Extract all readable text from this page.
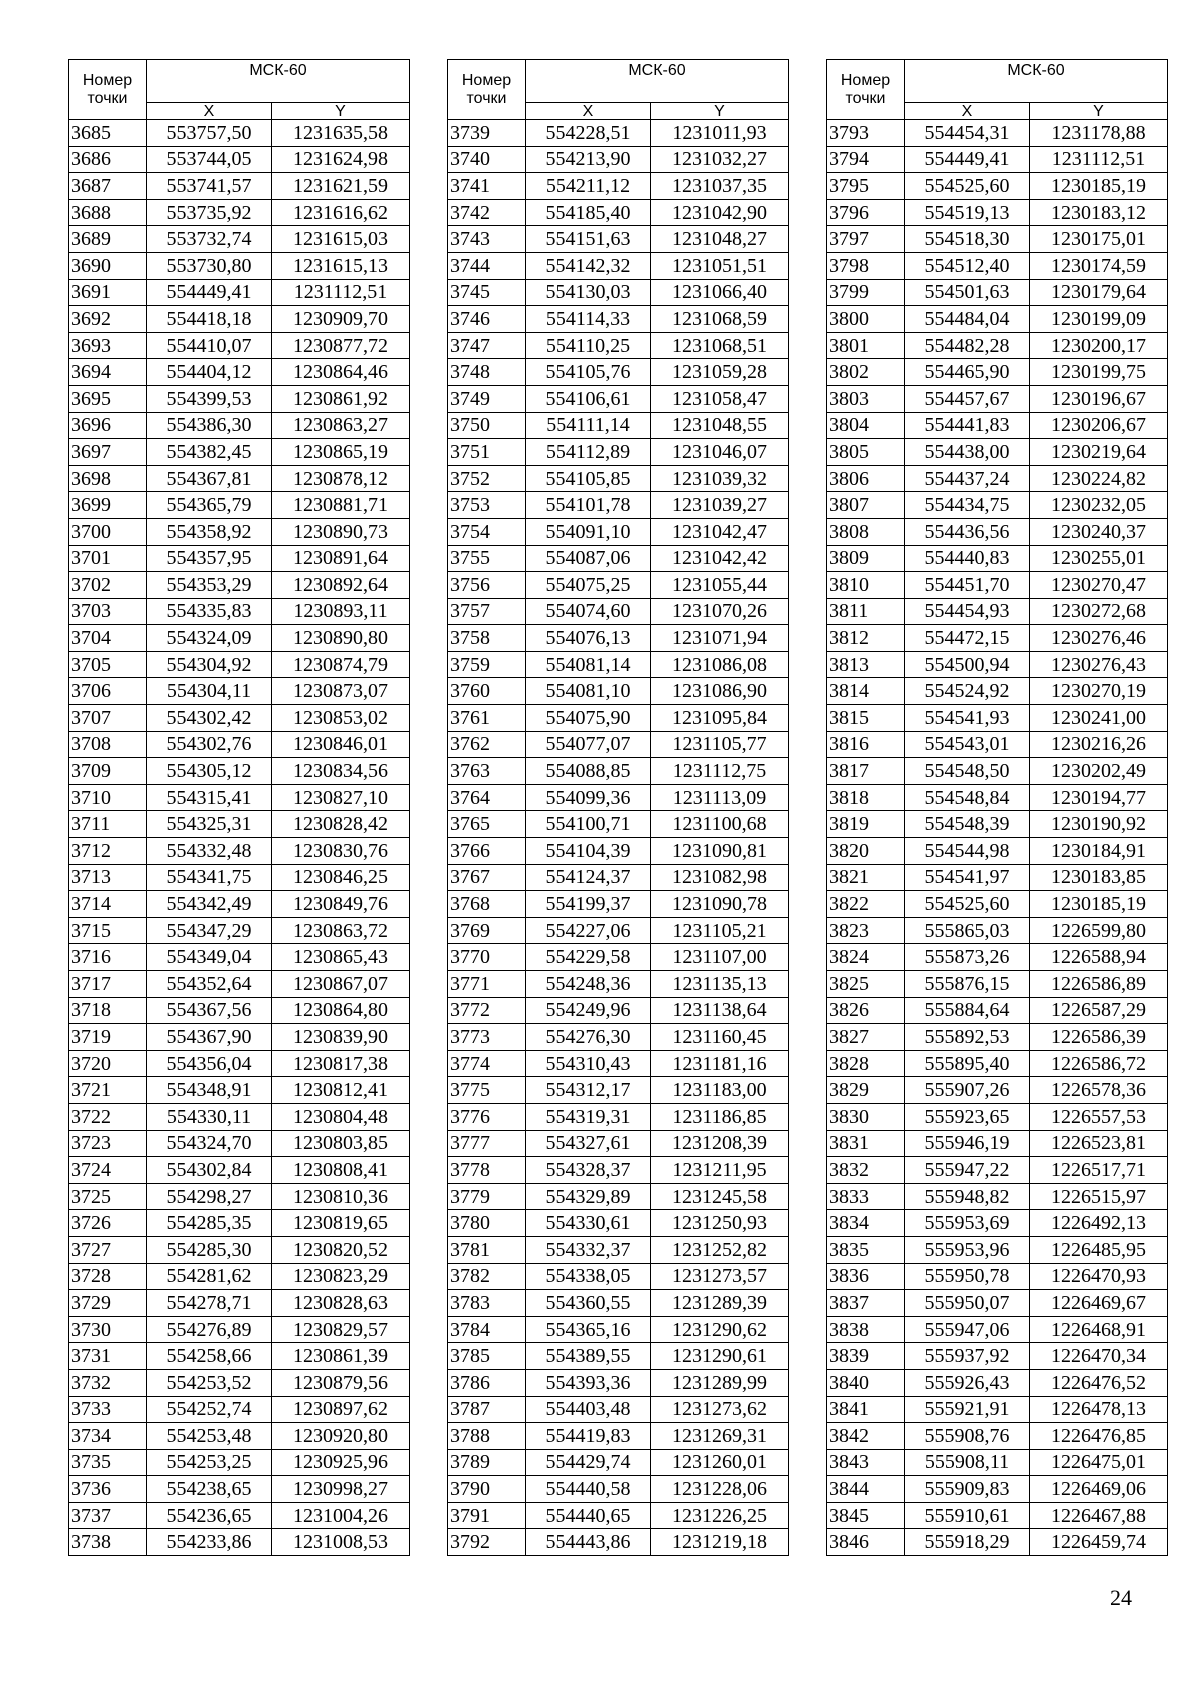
Номер
точки	МСК-60	
	X	Y
3685	553757,50	1231635,58
3686	553744,05	1231624,98
3687	553741,57	1231621,59
3688	553735,92	1231616,62
3689	553732,74	1231615,03
3690	553730,80	1231615,13
3691	554449,41	1231112,51
3692	554418,18	1230909,70
3693	554410,07	1230877,72
3694	554404,12	1230864,46
3695	554399,53	1230861,92
3696	554386,30	1230863,27
3697	554382,45	1230865,19
3698	554367,81	1230878,12
3699	554365,79	1230881,71
3700	554358,92	1230890,73
3701	554357,95	1230891,64
3702	554353,29	1230892,64
3703	554335,83	1230893,11
3704	554324,09	1230890,80
3705	554304,92	1230874,79
3706	554304,11	1230873,07
3707	554302,42	1230853,02
3708	554302,76	1230846,01
3709	554305,12	1230834,56
3710	554315,41	1230827,10
3711	554325,31	1230828,42
3712	554332,48	1230830,76
3713	554341,75	1230846,25
3714	554342,49	1230849,76
3715	554347,29	1230863,72
3716	554349,04	1230865,43
3717	554352,64	1230867,07
3718	554367,56	1230864,80
3719	554367,90	1230839,90
3720	554356,04	1230817,38
3721	554348,91	1230812,41
3722	554330,11	1230804,48
3723	554324,70	1230803,85
3724	554302,84	1230808,41
3725	554298,27	1230810,36
3726	554285,35	1230819,65
3727	554285,30	1230820,52
3728	554281,62	1230823,29
3729	554278,71	1230828,63
3730	554276,89	1230829,57
3731	554258,66	1230861,39
3732	554253,52	1230879,56
3733	554252,74	1230897,62
3734	554253,48	1230920,80
3735	554253,25	1230925,96
3736	554238,65	1230998,27
3737	554236,65	1231004,26
3738	554233,86	1231008,53
Номер
точки	МСК-60	
	X	Y
3739	554228,51	1231011,93
3740	554213,90	1231032,27
3741	554211,12	1231037,35
3742	554185,40	1231042,90
3743	554151,63	1231048,27
3744	554142,32	1231051,51
3745	554130,03	1231066,40
3746	554114,33	1231068,59
3747	554110,25	1231068,51
3748	554105,76	1231059,28
3749	554106,61	1231058,47
3750	554111,14	1231048,55
3751	554112,89	1231046,07
3752	554105,85	1231039,32
3753	554101,78	1231039,27
3754	554091,10	1231042,47
3755	554087,06	1231042,42
3756	554075,25	1231055,44
3757	554074,60	1231070,26
3758	554076,13	1231071,94
3759	554081,14	1231086,08
3760	554081,10	1231086,90
3761	554075,90	1231095,84
3762	554077,07	1231105,77
3763	554088,85	1231112,75
3764	554099,36	1231113,09
3765	554100,71	1231100,68
3766	554104,39	1231090,81
3767	554124,37	1231082,98
3768	554199,37	1231090,78
3769	554227,06	1231105,21
3770	554229,58	1231107,00
3771	554248,36	1231135,13
3772	554249,96	1231138,64
3773	554276,30	1231160,45
3774	554310,43	1231181,16
3775	554312,17	1231183,00
3776	554319,31	1231186,85
3777	554327,61	1231208,39
3778	554328,37	1231211,95
3779	554329,89	1231245,58
3780	554330,61	1231250,93
3781	554332,37	1231252,82
3782	554338,05	1231273,57
3783	554360,55	1231289,39
3784	554365,16	1231290,62
3785	554389,55	1231290,61
3786	554393,36	1231289,99
3787	554403,48	1231273,62
3788	554419,83	1231269,31
3789	554429,74	1231260,01
3790	554440,58	1231228,06
3791	554440,65	1231226,25
3792	554443,86	1231219,18
Номер
точки	МСК-60	
	X	Y
3793	554454,31	1231178,88
3794	554449,41	1231112,51
3795	554525,60	1230185,19
3796	554519,13	1230183,12
3797	554518,30	1230175,01
3798	554512,40	1230174,59
3799	554501,63	1230179,64
3800	554484,04	1230199,09
3801	554482,28	1230200,17
3802	554465,90	1230199,75
3803	554457,67	1230196,67
3804	554441,83	1230206,67
3805	554438,00	1230219,64
3806	554437,24	1230224,82
3807	554434,75	1230232,05
3808	554436,56	1230240,37
3809	554440,83	1230255,01
3810	554451,70	1230270,47
3811	554454,93	1230272,68
3812	554472,15	1230276,46
3813	554500,94	1230276,43
3814	554524,92	1230270,19
3815	554541,93	1230241,00
3816	554543,01	1230216,26
3817	554548,50	1230202,49
3818	554548,84	1230194,77
3819	554548,39	1230190,92
3820	554544,98	1230184,91
3821	554541,97	1230183,85
3822	554525,60	1230185,19
3823	555865,03	1226599,80
3824	555873,26	1226588,94
3825	555876,15	1226586,89
3826	555884,64	1226587,29
3827	555892,53	1226586,39
3828	555895,40	1226586,72
3829	555907,26	1226578,36
3830	555923,65	1226557,53
3831	555946,19	1226523,81
3832	555947,22	1226517,71
3833	555948,82	1226515,97
3834	555953,69	1226492,13
3835	555953,96	1226485,95
3836	555950,78	1226470,93
3837	555950,07	1226469,67
3838	555947,06	1226468,91
3839	555937,92	1226470,34
3840	555926,43	1226476,52
3841	555921,91	1226478,13
3842	555908,76	1226476,85
3843	555908,11	1226475,01
3844	555909,83	1226469,06
3845	555910,61	1226467,88
3846	555918,29	1226459,74
24
